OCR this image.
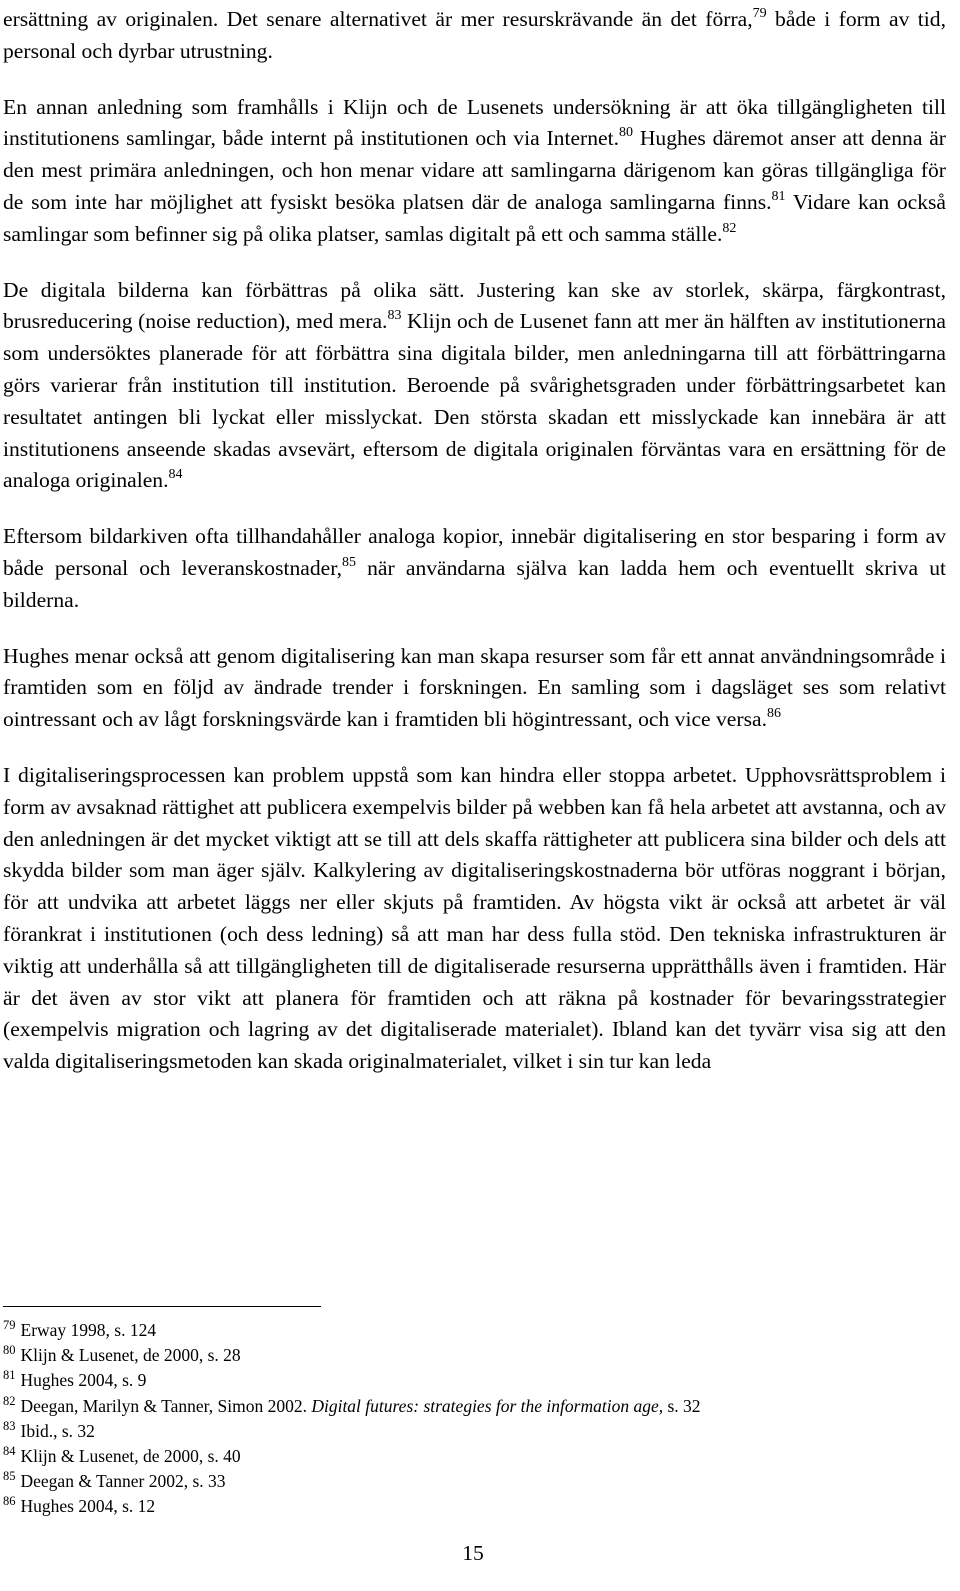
ersättning av originalen. Det senare alternativet är mer resurskrävande än det förra,$^{79}$ både i form av tid, personal och dyrbar utrustning.

En annan anledning som framhålls i Klijn och de Lusenets undersökning är att öka tillgängligheten till institutionens samlingar, både internt på institutionen och via Internet.$^{80}$ Hughes däremot anser att denna är den mest primära anledningen, och hon menar vidare att samlingarna därigenom kan göras tillgängliga för de som inte har möjlighet att fysiskt besöka platsen där de analoga samlingarna finns.$^{81}$ Vidare kan också samlingar som befinner sig på olika platser, samlas digitalt på ett och samma ställe.$^{82}$

De digitala bilderna kan förbättras på olika sätt. Justering kan ske av storlek, skärpa, färgkontrast, brusreducering (noise reduction), med mera.$^{83}$ Klijn och de Lusenet fann att mer än hälften av institutionerna som undersöktes planerade för att förbättra sina digitala bilder, men anledningarna till att förbättringarna görs varierar från institution till institution. Beroende på svårighetsgraden under förbättringsarbetet kan resultatet antingen bli lyckat eller misslyckat. Den största skadan ett misslyckade kan innebära är att institutionens anseende skadas avsevärt, eftersom de digitala originalen förväntas vara en ersättning för de analoga originalen.$^{84}$

Eftersom bildarkiven ofta tillhandahåller analoga kopior, innebär digitalisering en stor besparing i form av både personal och leveranskostnader,$^{85}$ när användarna själva kan ladda hem och eventuellt skriva ut bilderna.

Hughes menar också att genom digitalisering kan man skapa resurser som får ett annat användningsområde i framtiden som en följd av ändrade trender i forskningen. En samling som i dagsläget ses som relativt ointressant och av lågt forskningsvärde kan i framtiden bli högintressant, och vice versa.$^{86}$

I digitaliseringsprocessen kan problem uppstå som kan hindra eller stoppa arbetet. Upphovsrättsproblem i form av avsaknad rättighet att publicera exempelvis bilder på webben kan få hela arbetet att avstanna, och av den anledningen är det mycket viktigt att se till att dels skaffa rättigheter att publicera sina bilder och dels att skydda bilder som man äger själv. Kalkylering av digitaliseringskostnaderna bör utföras noggrant i början, för att undvika att arbetet läggs ner eller skjuts på framtiden. Av högsta vikt är också att arbetet är väl förankrat i institutionen (och dess ledning) så att man har dess fulla stöd. Den tekniska infrastrukturen är viktig att underhålla så att tillgängligheten till de digitaliserade resurserna upprätthålls även i framtiden. Här är det även av stor vikt att planera för framtiden och att räkna på kostnader för bevaringsstrategier (exempelvis migration och lagring av det digitaliserade materialet). Ibland kan det tyvärr visa sig att den valda digitaliseringsmetoden kan skada originalmaterialet, vilket i sin tur kan leda

$^{79}$ Erway 1998, s. 124
$^{80}$ Klijn & Lusenet, de 2000, s. 28
$^{81}$ Hughes 2004, s. 9
$^{82}$ Deegan, Marilyn & Tanner, Simon 2002. Digital futures: strategies for the information age, s. 32
$^{83}$ Ibid., s. 32
$^{84}$ Klijn & Lusenet, de 2000, s. 40
$^{85}$ Deegan & Tanner 2002, s. 33
$^{86}$ Hughes 2004, s. 12
15
